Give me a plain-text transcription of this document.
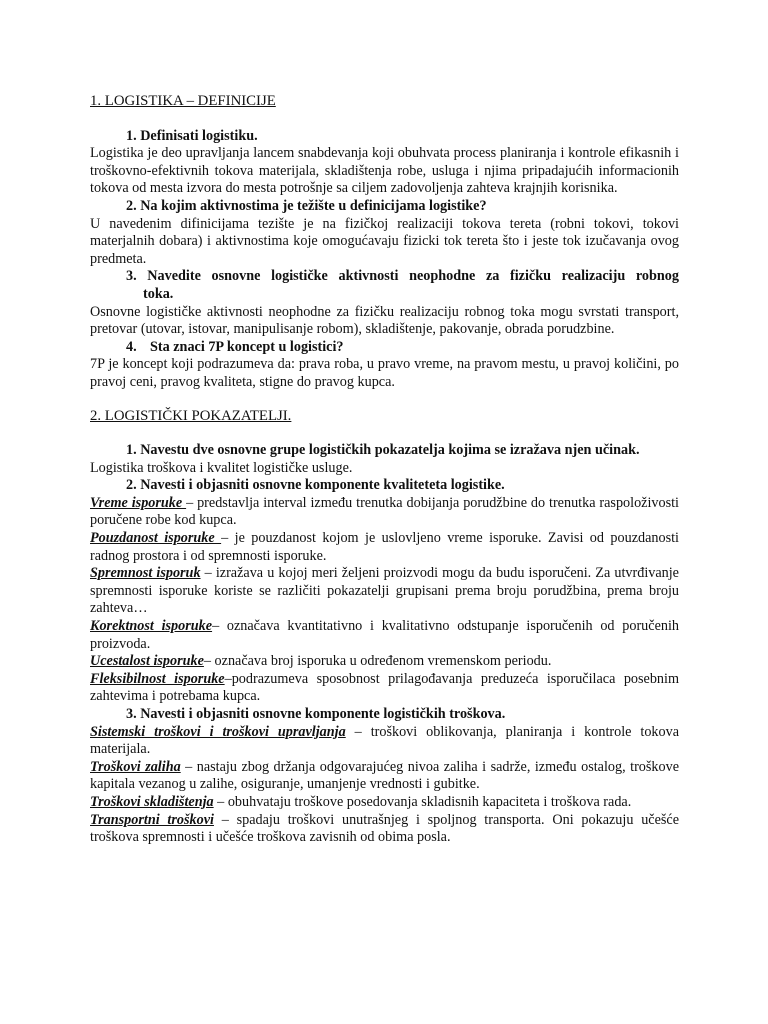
1. LOGISTIKA – DEFINICIJE

1. Definisati logistiku.

Logistika je deo upravljanja lancem snabdevanja koji obuhvata process planiranja i kontrole efikasnih i troškovno-efektivnih tokova materijala, skladištenja robe, usluga i njima pripadajućih informacionih tokova od mesta izvora do mesta potrošnje sa ciljem zadovoljenja zahteva krajnjih korisnika.

2. Na kojim aktivnostima je težište u definicijama logistike?

U navedenim difinicijama tezište je na fizičkoj realizaciji tokova tereta (robni tokovi, tokovi materjalnih dobara) i aktivnostima koje omogućavaju fizicki tok tereta što i jeste tok izučavanja ovog predmeta.

3. Navedite osnovne logističke aktivnosti neophodne za fizičku realizaciju robnog
toka.

Osnovne logističke aktivnosti neophodne za fizičku realizaciju robnog toka mogu svrstati transport, pretovar (utovar, istovar, manipulisanje robom), skladištenje, pakovanje, obrada porudzbine.

4. Sta znaci 7P koncept u logistici?

7P je koncept koji podrazumeva da: prava roba, u pravo vreme, na pravom mestu, u pravoj količini, po pravoj ceni, pravog kvaliteta, stigne do pravog kupca.

2. LOGISTIČKI POKAZATELJI.

1. Navestu dve osnovne grupe logističkih pokazatelja kojima se izražava njen učinak.

Logistika troškova i kvalitet logističke usluge.

2. Navesti i objasniti osnovne komponente kvaliteteta logistike.

Vreme isporuke – predstavlja interval između trenutka dobijanja porudžbine do trenutka raspoloživosti poručene robe kod kupca.

Pouzdanost isporuke – je pouzdanost kojom je uslovljeno vreme isporuke. Zavisi od pouzdanosti radnog prostora i od spremnosti isporuke.

Spremnost isporuk – izražava u kojoj meri željeni proizvodi mogu da budu isporučeni. Za utvrđivanje spremnosti isporuke koriste se različiti pokazatelji grupisani prema broju porudžbina, prema broju zahteva…

Korektnost isporuke– označava kvantitativno i kvalitativno odstupanje isporučenih od poručenih proizvoda.

Ucestalost isporuke– označava broj isporuka u određenom vremenskom periodu.

Fleksibilnost isporuke–podrazumeva sposobnost prilagođavanja preduzeća isporučilaca posebnim zahtevima i potrebama kupca.

3. Navesti i objasniti osnovne komponente logističkih troškova.

Sistemski troškovi i troškovi upravljanja – troškovi oblikovanja, planiranja i kontrole tokova materijala.

Troškovi zaliha – nastaju zbog držanja odgovarajućeg nivoa zaliha i sadrže, između ostalog, troškove kapitala vezanog u zalihe, osiguranje, umanjenje vrednosti i gubitke.

Troškovi skladištenja – obuhvataju troškove posedovanja skladisnih kapaciteta i troškova rada.

Transportni troškovi – spadaju troškovi unutrašnjeg i spoljnog transporta. Oni pokazuju učešće troškova spremnosti i učešće troškova zavisnih od obima posla.
